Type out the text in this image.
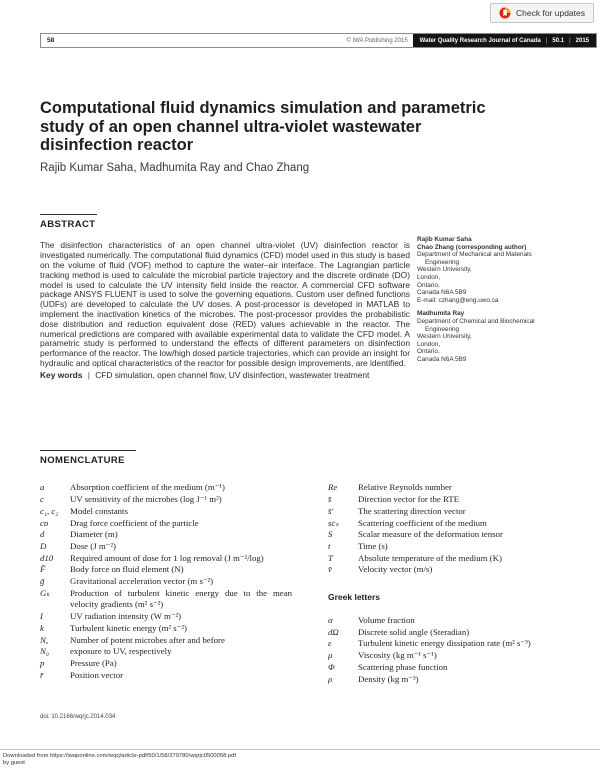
Check for updates
58	© IWA Publishing 2015 Water Quality Research Journal of Canada | 50.1 | 2015
Computational fluid dynamics simulation and parametric study of an open channel ultra-violet wastewater disinfection reactor
Rajib Kumar Saha, Madhumita Ray and Chao Zhang
ABSTRACT

The disinfection characteristics of an open channel ultra-violet (UV) disinfection reactor is investigated numerically. The computational fluid dynamics (CFD) model used in this study is based on the volume of fluid (VOF) method to capture the water–air interface. The Lagrangian particle tracking method is used to calculate the microbial particle trajectory and the discrete ordinate (DO) model is used to calculate the UV intensity field inside the reactor. A commercial CFD software package ANSYS FLUENT is used to solve the governing equations. Custom user defined functions (UDFs) are developed to calculate the UV doses. A post-processor is developed in MATLAB to implement the inactivation kinetics of the microbes. The post-processor provides the probabilistic dose distribution and reduction equivalent dose (RED) values achievable in the reactor. The numerical predictions are compared with available experimental data to validate the CFD model. A parametric study is performed to understand the effects of different parameters on disinfection performance of the reactor. The low/high dosed particle trajectories, which can provide an insight for hydraulic and optical characteristics of the reactor for possible design improvements, are identified.

Key words | CFD simulation, open channel flow, UV disinfection, wastewater treatment

Rajib Kumar Saha
Chao Zhang (corresponding author)
Department of Mechanical and Materials
Engineering
Western University,
London,
Ontario,
Canada N6A 5B9
E-mail: czhang@eng.uwo.ca
Madhumita Ray
Department of Chemical and Biochemical
Engineering
Western University,
London,
Ontario,
Canada N6A 5B9
NOMENCLATURE
a	Absorption coefficient of the medium (m⁻¹)
c	UV sensitivity of the microbes (log J⁻¹ m²)
c₁, c₂	Model constants
cᴅ	Drag force coefficient of the particle
d	Diameter (m)
D	Dose (J m⁻²)
d10	Required amount of dose for 1 log removal (J m⁻²/log)
F̄	Body force on fluid element (N)
ḡ	Gravitational acceleration vector (m s⁻²)
Gₖ	Production of turbulent kinetic energy due to the mean velocity gradients (m² s⁻²)
I	UV radiation intensity (W m⁻²)
k	Turbulent kinetic energy (m² s⁻²)
N,	Number of potent microbes after and before
N₀	exposure to UV, respectively
p	Pressure (Pa)
r̄	Position vector
Re	Relative Reynolds number
s̄	Direction vector for the RTE
s̄′	The scattering direction vector
scₛ	Scattering coefficient of the medium
S	Scalar measure of the deformation tensor
t	Time (s)
T	Absolute temperature of the medium (K)
v̄	Velocity vector (m/s)
Greek letters
α	Volume fraction
dΩ	Discrete solid angle (Steradian)
ε	Turbulent kinetic energy dissipation rate (m² s⁻³)
μ	Viscosity (kg m⁻¹ s⁻¹)
Φ	Scattering phase function
ρ	Density (kg m⁻³)
doi: 10.2166/wqrjc.2014.034
Downloaded from https://iwaponline.com/wqrj/article-pdf/50/1/58/379780/wqrjc0500058.pdf
by guest
